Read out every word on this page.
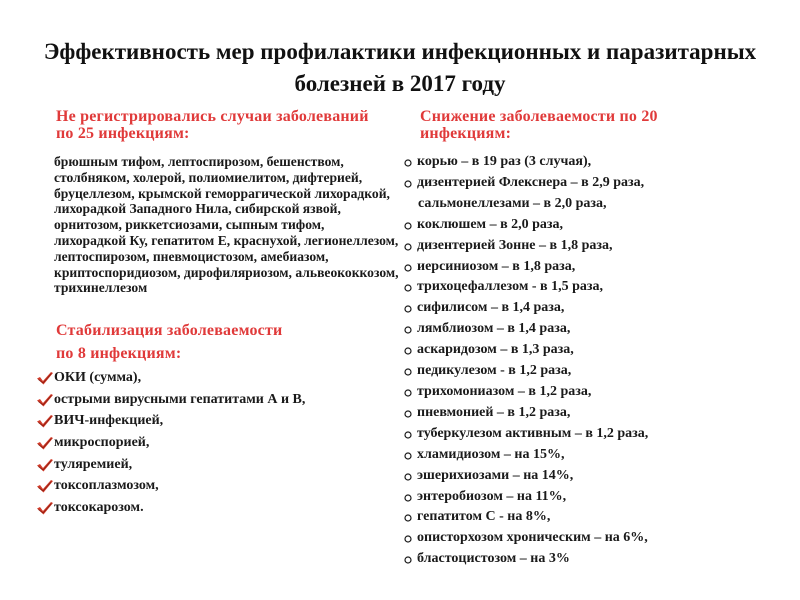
Эффективность мер профилактики инфекционных и паразитарных болезней в 2017 году
Не регистрировались случаи заболеваний по 25 инфекциям:
брюшным тифом, лептоспирозом, бешенством, столбняком, холерой, полиомиелитом, дифтерией, бруцеллезом, крымской геморрагической лихорадкой, лихорадкой Западного Нила, сибирской язвой, орнитозом, риккетсиозами, сыпным тифом, лихорадкой Ку, гепатитом Е, краснухой, легионеллезом, лептоспирозом, пневмоцистозом, амебиазом, криптоспоридиозом, дирофиляриозом, альвеококкозом, трихинеллезом
Стабилизация заболеваемости
по 8 инфекциям:
ОКИ (сумма),
острыми вирусными гепатитами А и В,
ВИЧ-инфекцией,
микроспорией,
туляремией,
токсоплазмозом,
токсокарозом.
Снижение заболеваемости по 20 инфекциям:
корью – в 19 раз (3 случая),
дизентерией Флекснера – в 2,9 раза,
сальмонеллезами – в 2,0 раза,
коклюшем – в 2,0 раза,
дизентерией Зонне – в 1,8 раза,
иерсиниозом – в 1,8 раза,
трихоцефаллезом - в 1,5 раза,
сифилисом – в 1,4 раза,
лямблиозом – в 1,4 раза,
аскаридозом – в 1,3 раза,
педикулезом - в 1,2 раза,
трихомониазом – в 1,2 раза,
пневмонией – в 1,2 раза,
туберкулезом активным – в 1,2 раза,
хламидиозом – на 15%,
эшерихиозами – на 14%,
энтеробиозом – на 11%,
гепатитом С - на 8%,
описторхозом хроническим – на 6%,
бластоцистозом – на 3%
